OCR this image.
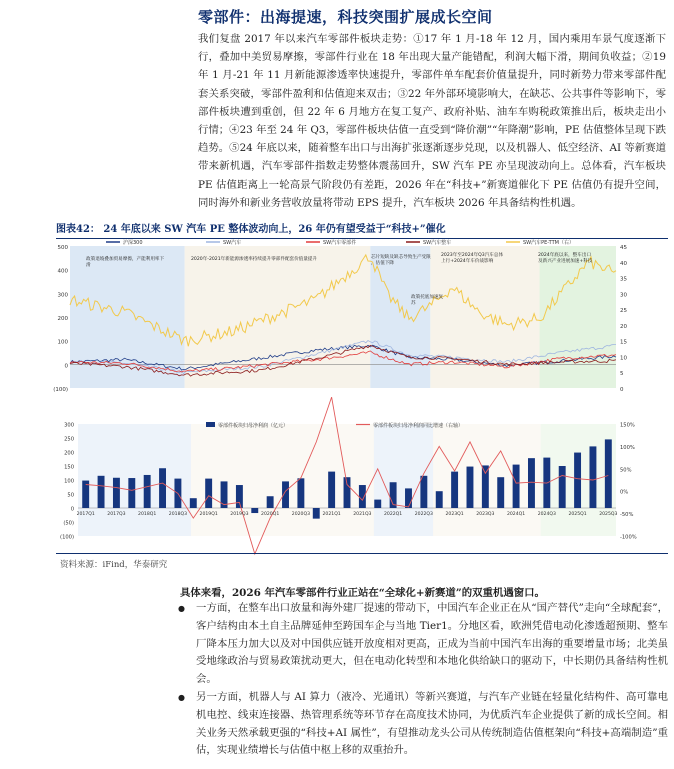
零部件：出海提速，科技突围扩展成长空间
我们复盘 2017 年以来汽车零部件板块走势：①17 年 1 月-18 年 12 月，国内乘用车景气度逐渐下行，叠加中美贸易摩擦，零部件行业在 18 年出现大量产能错配，利润大幅下滑，期间负收益；②19 年 1 月-21 年 11 月新能源渗透率快速提升，零部件单车配套价值量提升，同时新势力带来零部件配套关系突破，零部件盈利和估值迎来双击；③22 年外部环境影响大，在缺芯、公共事件等影响下，零部件板块遭到重创，但 22 年 6 月地方在复工复产、政府补贴、油车车购税政策推出后，板块走出小行情；④23 年至 24 年 Q3，零部件板块估值一直受到“降价潮”“年降潮”影响，PE 估值整体呈现下跌趋势。⑤24 年底以来，随着整车出口与出海扩张逐渐逐步兑现，以及机器人、低空经济、AI 等新赛道带来新机遇，汽车零部件指数走势整体震荡回升，SW 汽车 PE 亦呈现波动向上。总体看，汽车板块 PE 估值距离上一轮高景气阶段仍有差距，2026 年在“科技+”新赛道催化下 PE 估值仍有提升空间，同时海外和新业务营收放量将带动 EPS 提升，汽车板块 2026 年具备结构性机遇。
图表42： 24 年底以来 SW 汽车 PE 整体波动向上，26 年仍有望受益于“科技+”催化
沪深300	SW汽车	SW汽车零部件	SW汽车整车	SW汽车PE-TTM（右）
政策退坡叠加贸易摩擦，产能利用率下滑
2020年-2021年新能源渗透率持续提升零部件配套价值量提升	芯片短缺及缺芯导致生产受限，估值下降
政策托底加速复苏
2023年至2024年Q3汽车总体上行+2024年车价战影响
2024年底以来，整车出口及新兴产业进展加速+科技
500
400
300
200
100
0
(100)
45
40
35
30
25
20
15
10
5
0
零部件板块归母净利润（亿元）	零部件板块归母净利润同比增速（右轴）
300
250
200
150
100
50
0
(50)
(100)
150%
100%
50%
0%
-50%
-100%
2017Q1	2017Q3	2018Q1	2018Q3	2019Q1	2019Q3	2020Q1	2020Q3	2021Q1	2021Q3	2022Q1	2022Q3	2023Q1	2023Q3	2024Q1	2024Q3	2025Q1	2025Q3
资料来源：iFind，华泰研究
具体来看，2026 年汽车零部件行业正站在“全球化+新赛道”的双重机遇窗口。
● 一方面，在整车出口放量和海外建厂提速的带动下，中国汽车企业正在从“国产替代”走向“全球配套”，客户结构由本土自主品牌延伸至跨国车企与当地 Tier1。分地区看，欧洲凭借电动化渗透超预期、整车厂降本压力加大以及对中国供应链开放度相对更高，正成为当前中国汽车出海的重要增量市场；北美虽受地缘政治与贸易政策扰动更大，但在电动化转型和本地化供给缺口的驱动下，中长期仍具备结构性机会。
● 另一方面，机器人与 AI 算力（液冷、光通讯）等新兴赛道，与汽车产业链在轻量化结构件、高可靠电机电控、线束连接器、热管理系统等环节存在高度技术协同，为优质汽车企业提供了新的成长空间。相关业务天然承载更强的“科技+AI 属性”，有望推动龙头公司从传统制造估值框架向“科技+高端制造”重估，实现业绩增长与估值中枢上移的双重抬升。
